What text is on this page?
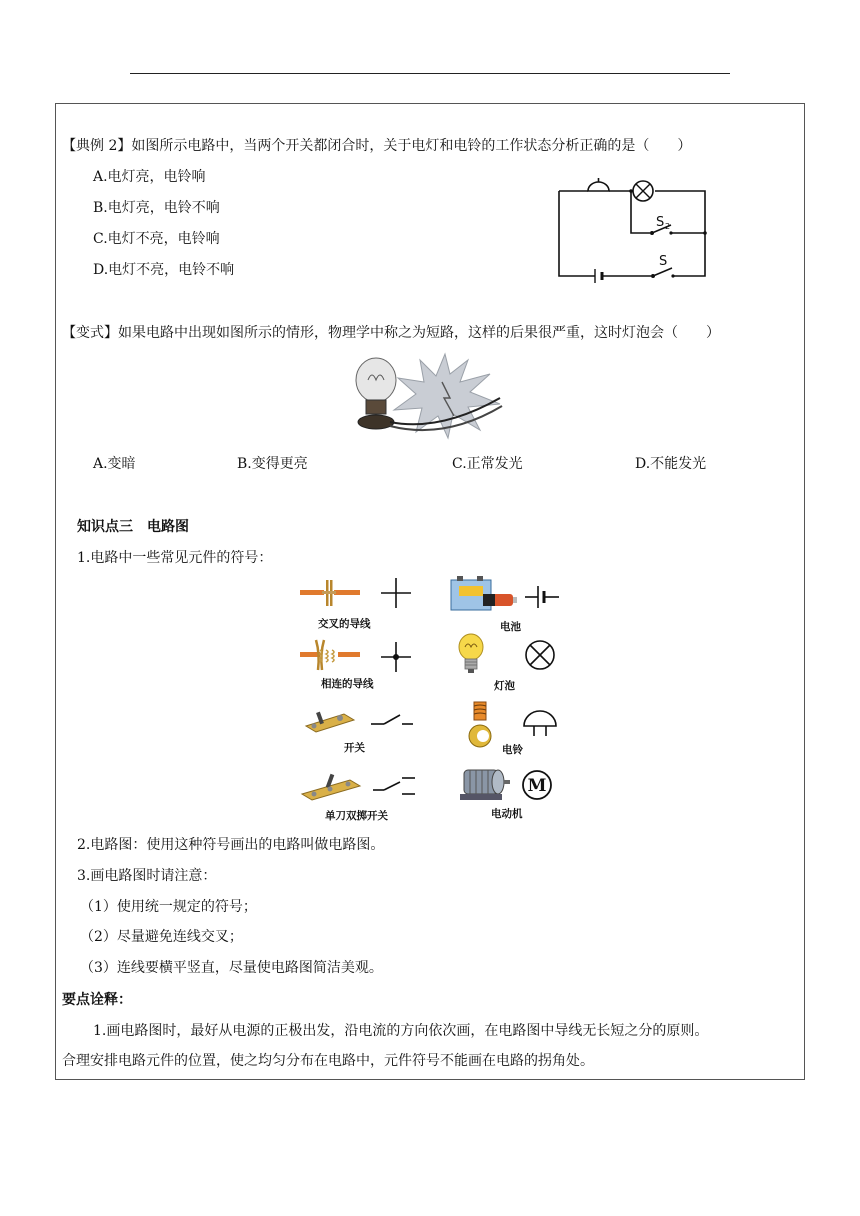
【典例 2】如图所示电路中，当两个开关都闭合时，关于电灯和电铃的工作状态分析正确的是（　　）
A.电灯亮，电铃响
B.电灯亮，电铃不响
C.电灯不亮，电铃响
D.电灯不亮，电铃不响
S 2
S
【变式】如果电路中出现如图所示的情形，物理学中称之为短路，这样的后果很严重，这时灯泡会（　　）
A.变暗	B.变得更亮	C.正常发光	D.不能发光
知识点三　电路图
1.电路中一些常见元件的符号：
交叉的导线	电池
相连的导线	灯泡
开关	电铃
单刀双掷开关
M
电动机
2.电路图：使用这种符号画出的电路叫做电路图。
3.画电路图时请注意：
（1）使用统一规定的符号；
（2）尽量避免连线交叉；
（3）连线要横平竖直，尽量使电路图简洁美观。
要点诠释：
1.画电路图时，最好从电源的正极出发，沿电流的方向依次画，在电路图中导线无长短之分的原则。
合理安排电路元件的位置，使之均匀分布在电路中，元件符号不能画在电路的拐角处。
